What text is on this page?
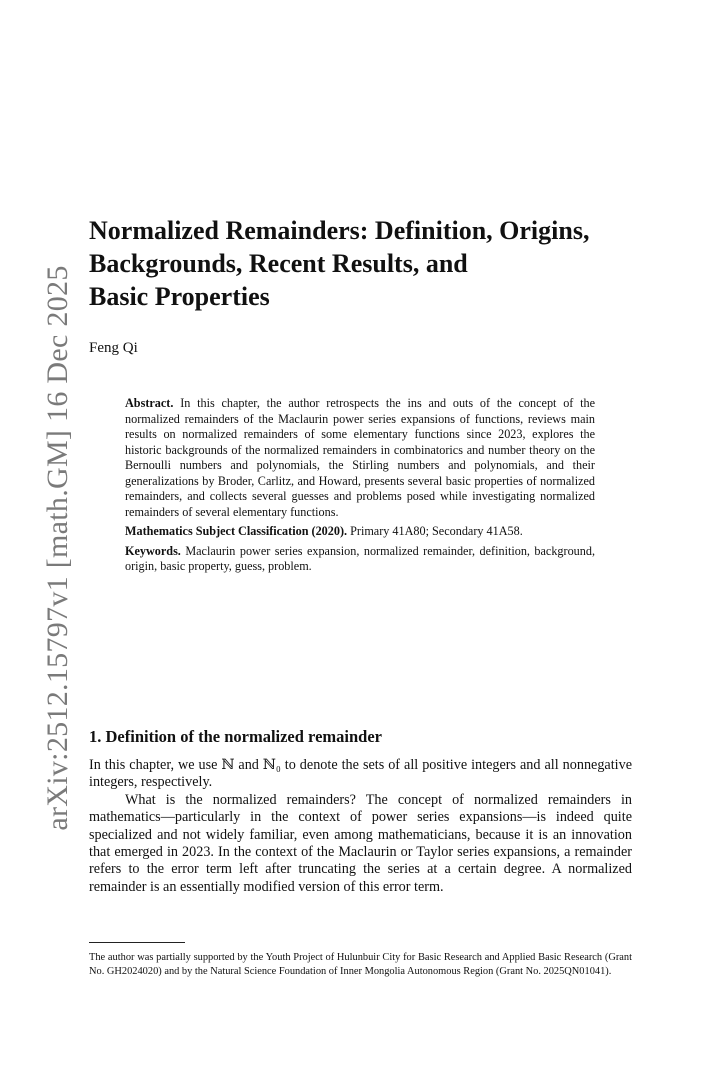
arXiv:2512.15797v1 [math.GM] 16 Dec 2025
Normalized Remainders: Definition, Origins,
Backgrounds, Recent Results, and
Basic Properties
Feng Qi

Abstract. In this chapter, the author retrospects the ins and outs of the concept of the normalized remainders of the Maclaurin power series expansions of functions, reviews main results on normalized remainders of some elementary functions since 2023, explores the historic backgrounds of the normalized remainders in combinatorics and number theory on the Bernoulli numbers and polynomials, the Stirling numbers and polynomials, and their generalizations by Broder, Carlitz, and Howard, presents several basic properties of normalized remainders, and collects several guesses and problems posed while investigating normalized remainders of several elementary functions.

Mathematics Subject Classification (2020). Primary 41A80; Secondary 41A58.

Keywords. Maclaurin power series expansion, normalized remainder, definition, background, origin, basic property, guess, problem.

1. Definition of the normalized remainder

In this chapter, we use ℕ and ℕ₀ to denote the sets of all positive integers and all nonnegative integers, respectively.

What is the normalized remainders? The concept of normalized remainders in mathematics—particularly in the context of power series expansions—is indeed quite specialized and not widely familiar, even among mathematicians, because it is an innovation that emerged in 2023. In the context of the Maclaurin or Taylor series expansions, a remainder refers to the error term left after truncating the series at a certain degree. A normalized remainder is an essentially modified version of this error term.

The author was partially supported by the Youth Project of Hulunbuir City for Basic Research and Applied Basic Research (Grant No. GH2024020) and by the Natural Science Foundation of Inner Mongolia Autonomous Region (Grant No. 2025QN01041).
